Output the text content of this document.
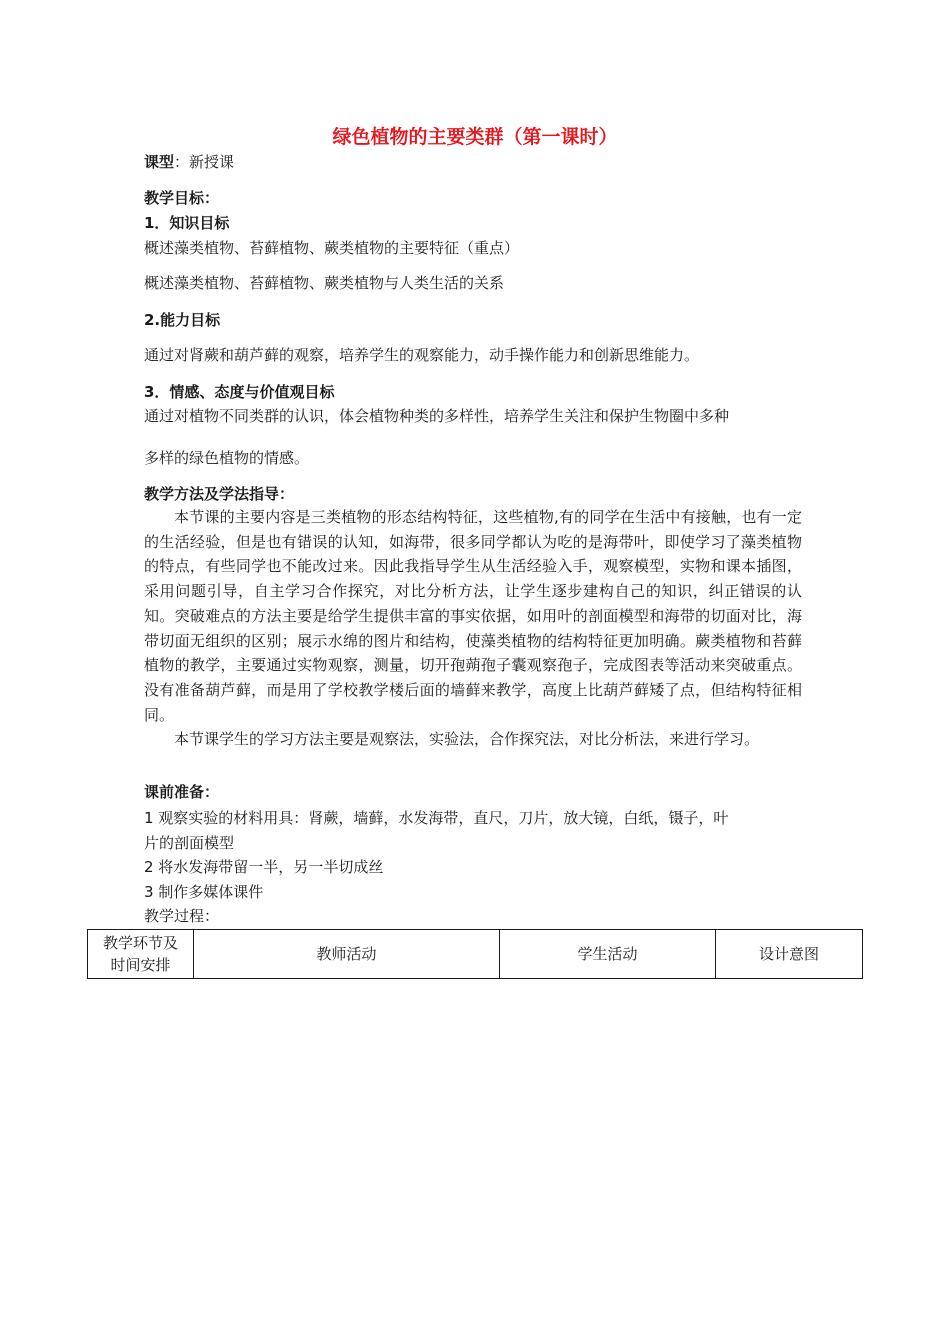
绿色植物的主要类群（第一课时）
课型：新授课
教学目标：
1．知识目标
概述藻类植物、苔藓植物、蕨类植物的主要特征（重点）
概述藻类植物、苔藓植物、蕨类植物与人类生活的关系
2.能力目标
通过对肾蕨和葫芦藓的观察，培养学生的观察能力，动手操作能力和创新思维能力。
3．情感、态度与价值观目标
通过对植物不同类群的认识，体会植物种类的多样性，培养学生关注和保护生物圈中多种
多样的绿色植物的情感。
教学方法及学法指导：

本节课的主要内容是三类植物的形态结构特征，这些植物,有的同学在生活中有接触，也有一定的生活经验，但是也有错误的认知，如海带，很多同学都认为吃的是海带叶，即使学习了藻类植物的特点，有些同学也不能改过来。因此我指导学生从生活经验入手，观察模型，实物和课本插图，采用问题引导，自主学习合作探究，对比分析方法，让学生逐步建构自己的知识，纠正错误的认知。突破难点的方法主要是给学生提供丰富的事实依据，如用叶的剖面模型和海带的切面对比，海带切面无组织的区别；展示水绵的图片和结构，使藻类植物的结构特征更加明确。蕨类植物和苔藓植物的教学，主要通过实物观察，测量，切开孢蒴孢子囊观察孢子，完成图表等活动来突破重点。没有准备葫芦藓，而是用了学校教学楼后面的墙藓来教学，高度上比葫芦藓矮了点，但结构特征相同。

本节课学生的学习方法主要是观察法，实验法，合作探究法，对比分析法，来进行学习。

课前准备：
1 观察实验的材料用具：肾蕨，墙藓，水发海带，直尺，刀片，放大镜，白纸，镊子，叶
片的剖面模型
2 将水发海带留一半，另一半切成丝
3 制作多媒体课件
教学过程：
教学环节及
时间安排
	教师活动	学生活动	设计意图
